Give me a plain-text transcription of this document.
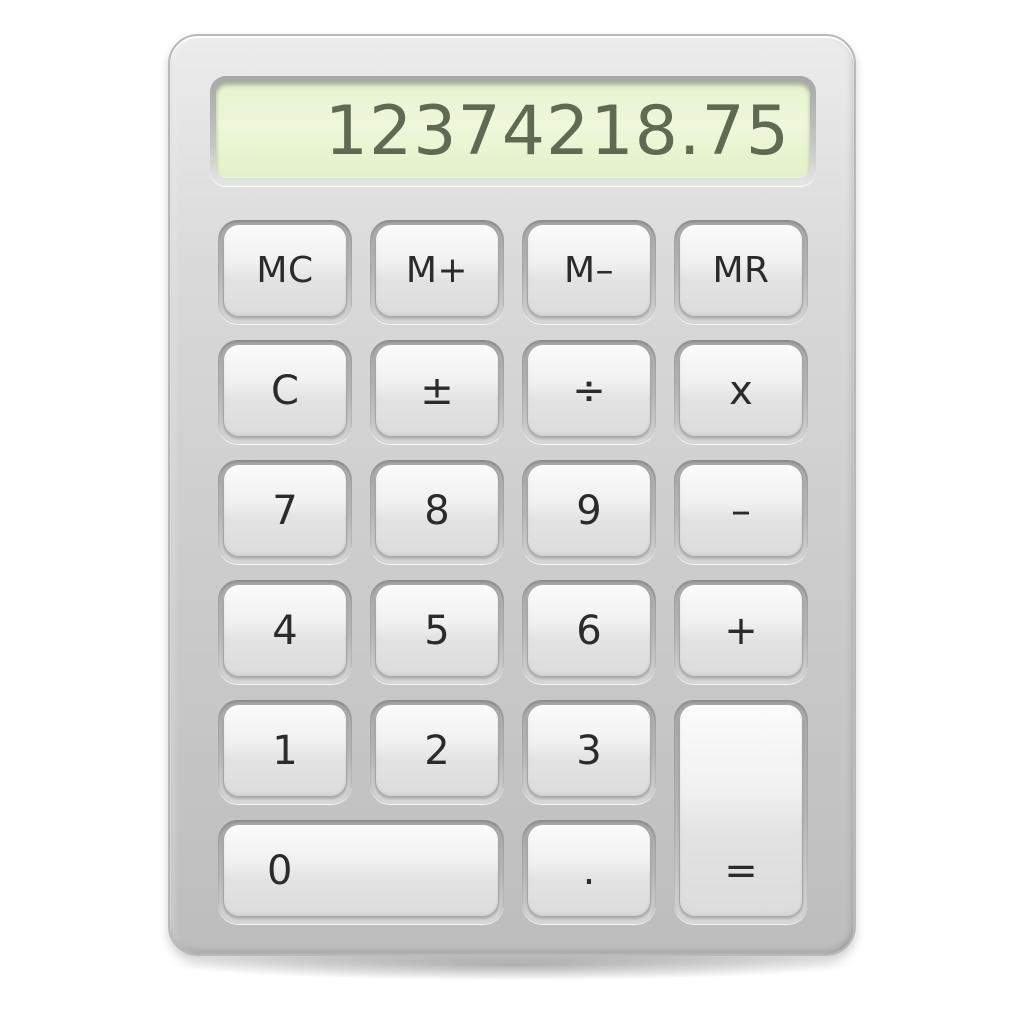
12374218.75
MC	M+	M–	MR
C	±	÷	x
7	8	9	–
4	5	6	+
1	2	3
=
0	.
